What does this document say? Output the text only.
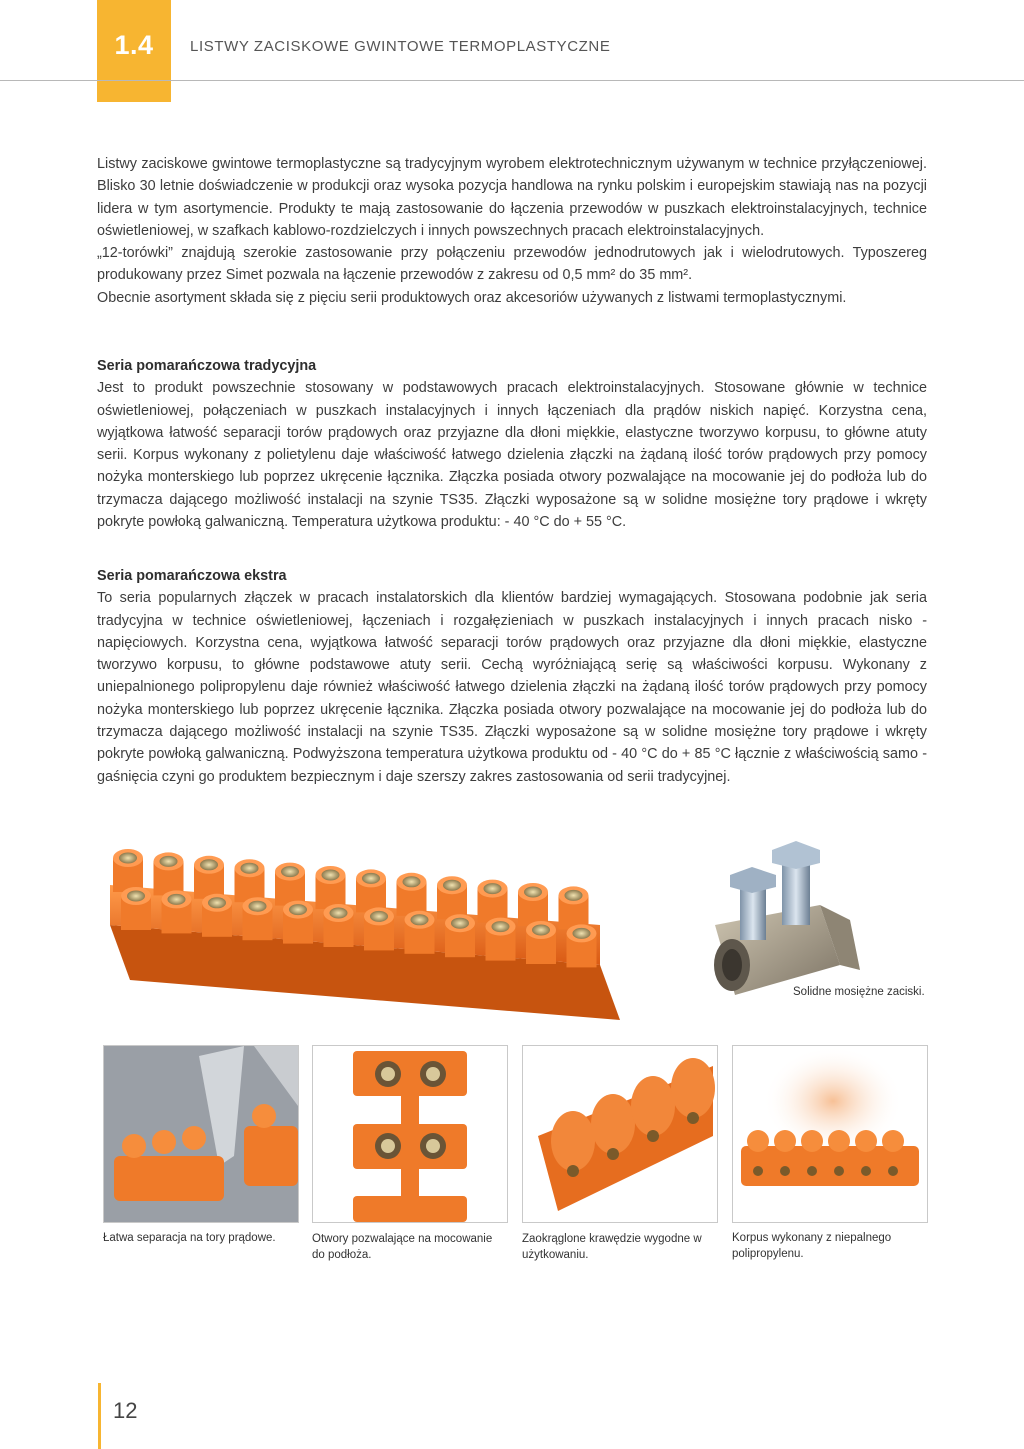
1.4	LISTWY ZACISKOWE GWINTOWE TERMOPLASTYCZNE

Listwy zaciskowe gwintowe termoplastyczne są tradycyjnym wyrobem elektrotechnicznym używanym w technice przyłączeniowej. Blisko 30 letnie doświadczenie w produkcji oraz wysoka pozycja handlowa na rynku polskim i europejskim stawiają nas na pozycji lidera w tym asortymencie. Produkty te mają zastosowanie do łączenia przewodów w puszkach elektroinstalacyjnych, technice oświetleniowej, w szafkach kablowo-rozdzielczych i innych powszechnych pracach elektroinstalacyjnych.

„12-torówki” znajdują szerokie zastosowanie przy połączeniu przewodów jednodrutowych jak i wielodrutowych. Typoszereg produkowany przez Simet pozwala na łączenie przewodów z zakresu od 0,5 mm² do 35 mm².

Obecnie asortyment składa się z pięciu serii produktowych oraz akcesoriów używanych z listwami termoplastycznymi.

Seria pomarańczowa tradycyjna

Jest to produkt powszechnie stosowany w podstawowych pracach elektroinstalacyjnych. Stosowane głównie w technice oświetleniowej, połączeniach w puszkach instalacyjnych i innych łączeniach dla prądów niskich napięć. Korzystna cena, wyjątkowa łatwość separacji torów prądowych oraz przyjazne dla dłoni miękkie, elastyczne tworzywo korpusu, to główne atuty serii. Korpus wykonany z polietylenu daje właściwość łatwego dzielenia złączki na żądaną ilość torów prądowych przy pomocy nożyka monterskiego lub poprzez ukręcenie łącznika. Złączka posiada otwory pozwalające na mocowanie jej do podłoża lub do trzymacza dającego możliwość instalacji na szynie TS35. Złączki wyposażone są w solidne mosiężne tory prądowe i wkręty pokryte powłoką galwaniczną. Temperatura użytkowa produktu: - 40 °C do + 55 °C.

Seria pomarańczowa ekstra

To seria popularnych złączek w pracach instalatorskich dla klientów bardziej wymagających. Stosowana podobnie jak seria tradycyjna w technice oświetleniowej, łączeniach i rozgałęzieniach w puszkach instalacyjnych i innych pracach nisko - napięciowych. Korzystna cena, wyjątkowa łatwość separacji torów prądowych oraz przyjazne dla dłoni miękkie, elastyczne tworzywo korpusu, to główne podstawowe atuty serii. Cechą wyróżniającą serię są właściwości korpusu. Wykonany z uniepalnionego polipropylenu daje również właściwość łatwego dzielenia złączki na żądaną ilość torów prądowych przy pomocy nożyka monterskiego lub poprzez ukręcenie łącznika. Złączka posiada otwory pozwalające na mocowanie jej do podłoża lub do trzymacza dającego możliwość instalacji na szynie TS35. Złączki wyposażone są w solidne mosiężne tory prądowe i wkręty pokryte powłoką galwaniczną. Podwyższona temperatura użytkowa produktu od - 40 °C do + 85 °C łącznie z właściwością samo - gaśnięcia czyni go produktem bezpiecznym i daje szerszy zakres zastosowania od serii tradycyjnej.

Solidne mosiężne zaciski.
Łatwa separacja na tory prądowe.	Otwory pozwalające na mocowanie do podłoża.
Zaokrąglone krawędzie wygodne w użytkowaniu.
Korpus wykonany z niepalnego polipropylenu.
12
